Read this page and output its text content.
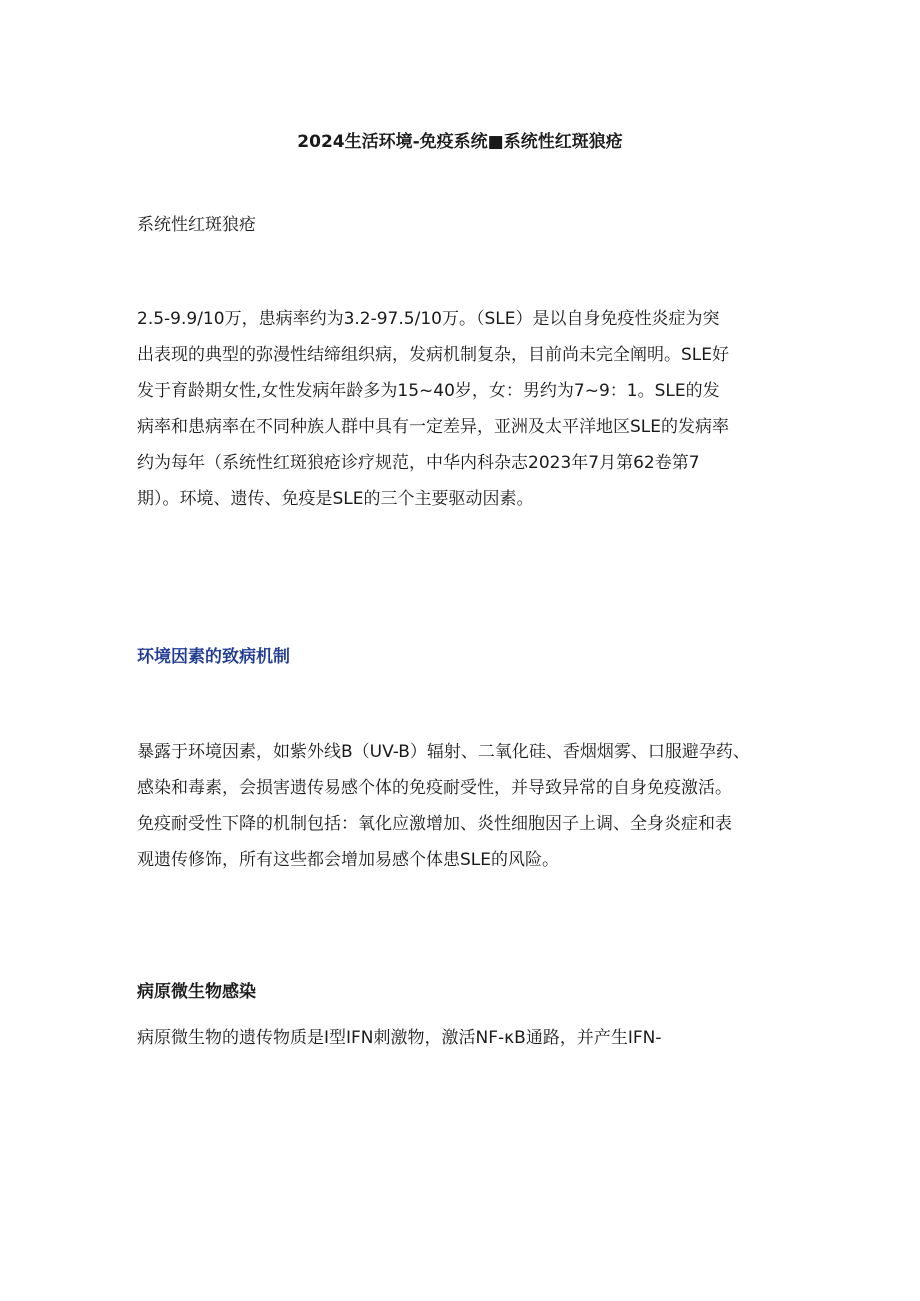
2024生活环境-免疫系统■系统性红斑狼疮
系统性红斑狼疮
2.5-9.9/10万，患病率约为3.2-97.5/10万。（SLE）是以自身免疫性炎症为突
出表现的典型的弥漫性结缔组织病，发病机制复杂，目前尚未完全阐明。SLE好
发于育龄期女性,女性发病年龄多为15~40岁，女：男约为7~9：1。SLE的发
病率和患病率在不同种族人群中具有一定差异，亚洲及太平洋地区SLE的发病率
约为每年（系统性红斑狼疮诊疗规范，中华内科杂志2023年7月第62卷第7
期）。环境、遗传、免疫是SLE的三个主要驱动因素。
环境因素的致病机制
暴露于环境因素，如紫外线B（UV-B）辐射、二氧化硅、香烟烟雾、口服避孕药、
感染和毒素，会损害遗传易感个体的免疫耐受性，并导致异常的自身免疫激活。
免疫耐受性下降的机制包括：氧化应激增加、炎性细胞因子上调、全身炎症和表
观遗传修饰，所有这些都会增加易感个体患SLE的风险。
病原微生物感染
病原微生物的遗传物质是I型IFN刺激物，激活NF-κB通路，并产生IFN-
